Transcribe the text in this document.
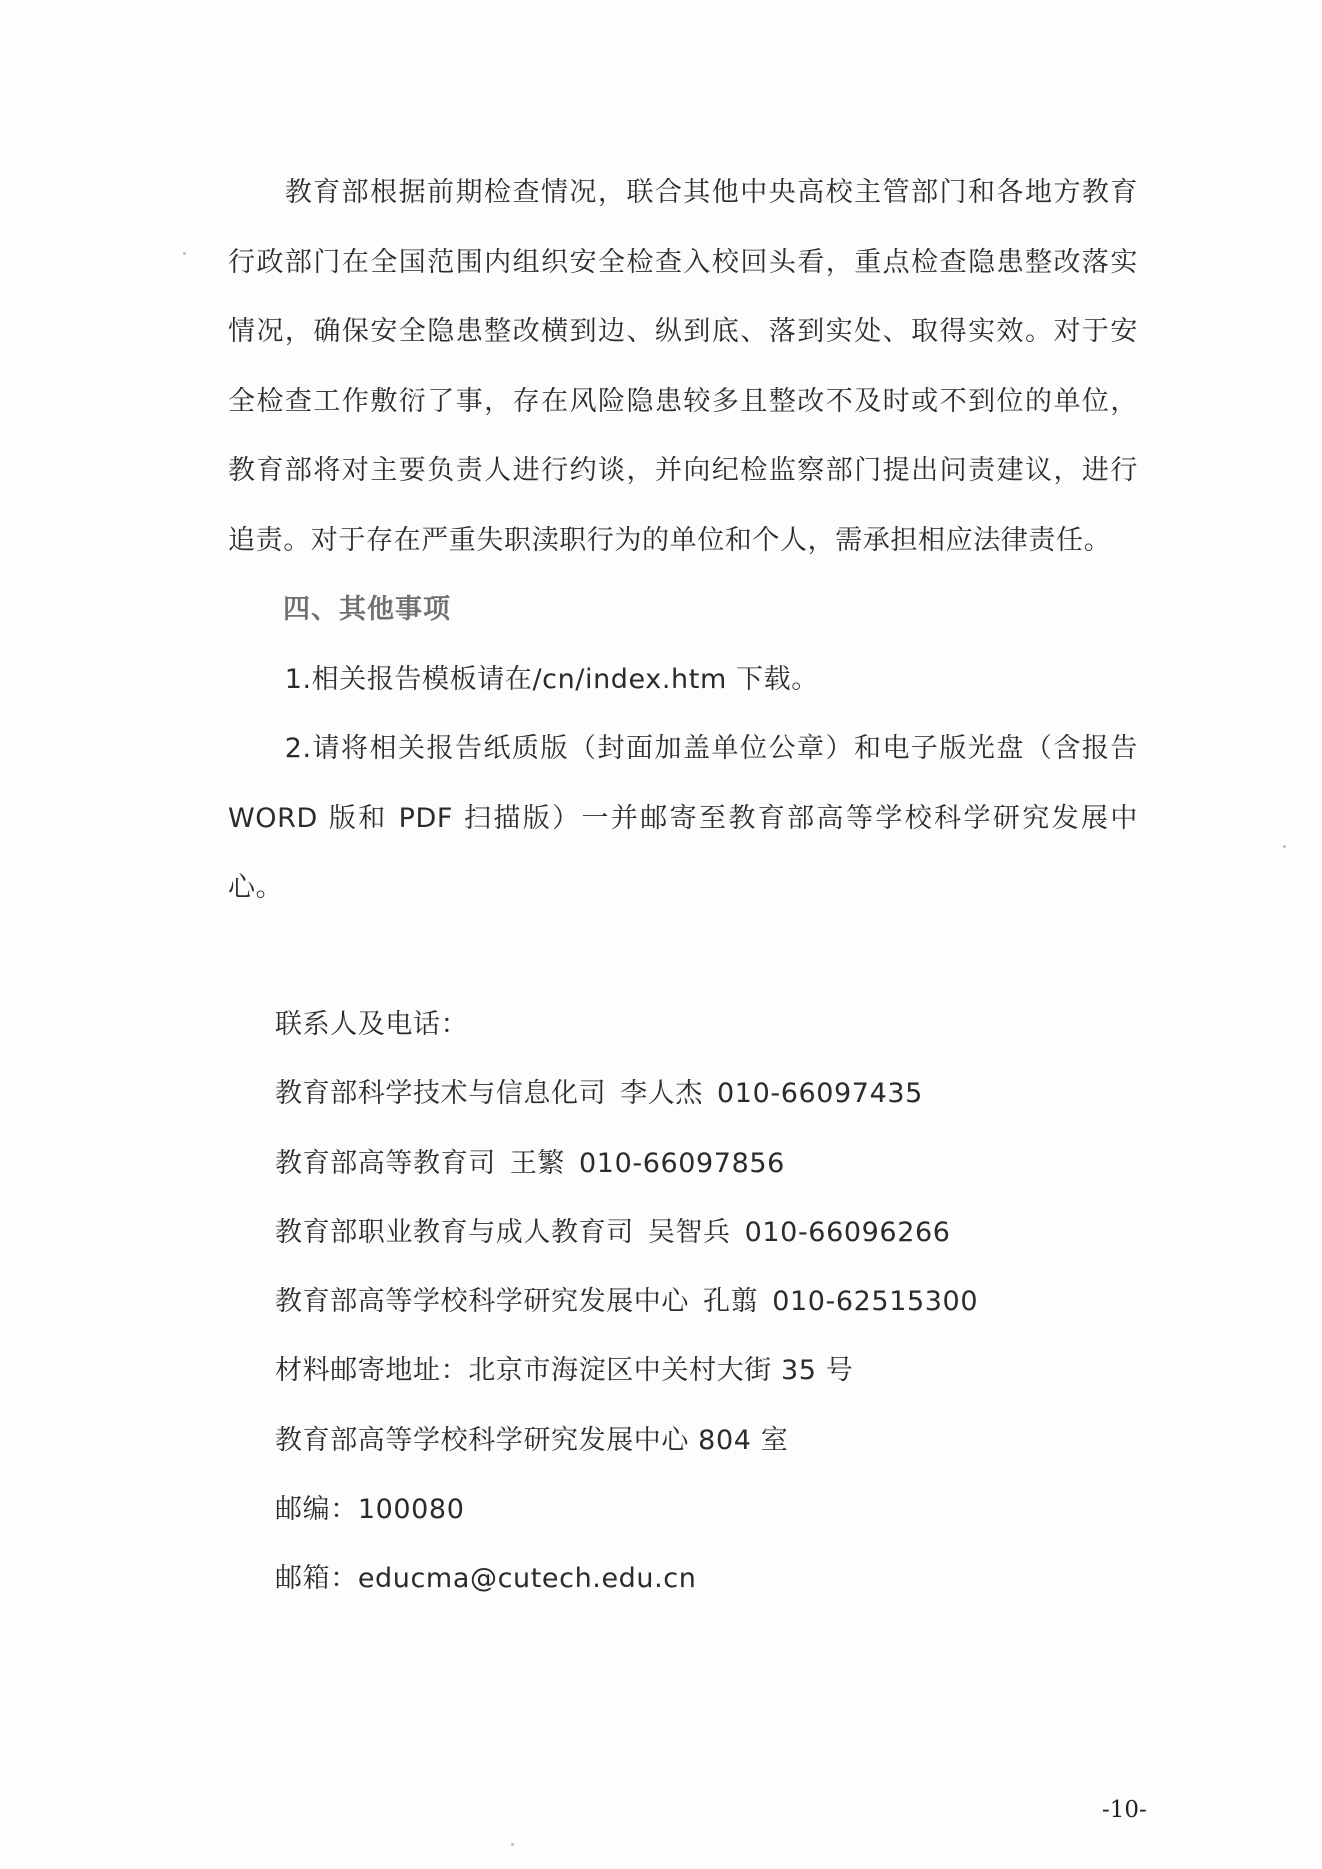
教育部根据前期检查情况，联合其他中央高校主管部门和各地方教育行政部门在全国范围内组织安全检查入校回头看，重点检查隐患整改落实情况，确保安全隐患整改横到边、纵到底、落到实处、取得实效。对于安全检查工作敷衍了事，存在风险隐患较多且整改不及时或不到位的单位，教育部将对主要负责人进行约谈，并向纪检监察部门提出问责建议，进行追责。对于存在严重失职渎职行为的单位和个人，需承担相应法律责任。

四、其他事项

1.相关报告模板请在/cn/index.htm 下载。

2.请将相关报告纸质版（封面加盖单位公章）和电子版光盘（含报告 WORD 版和 PDF 扫描版）一并邮寄至教育部高等学校科学研究发展中心。

联系人及电话：

教育部科学技术与信息化司 李人杰 010-66097435

教育部高等教育司 王繁 010-66097856

教育部职业教育与成人教育司 吴智兵 010-66096266

教育部高等学校科学研究发展中心 孔翦 010-62515300

材料邮寄地址：北京市海淀区中关村大街 35 号

教育部高等学校科学研究发展中心 804 室

邮编：100080

邮箱：educma@cutech.edu.cn

-10-
